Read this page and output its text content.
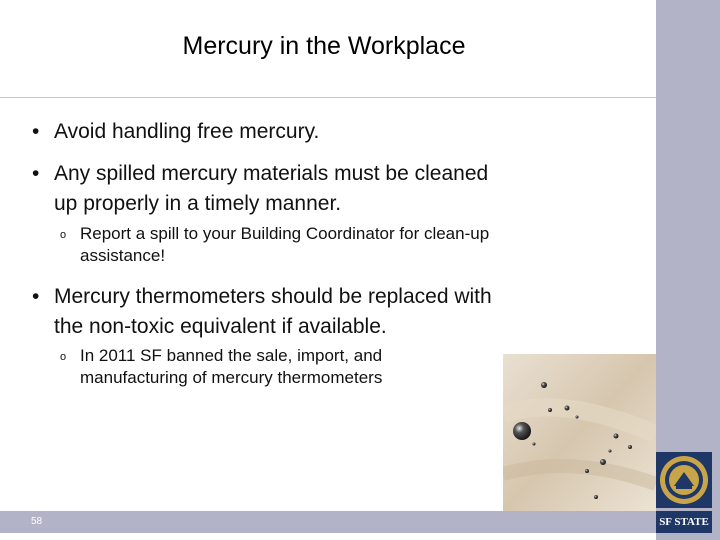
Mercury in the Workplace
• Avoid handling free mercury.
• Any spilled mercury materials must be cleaned up properly in a timely manner.
o Report a spill to your Building Coordinator for clean-up assistance!
• Mercury thermometers should be replaced with the non-toxic equivalent if available.
o In 2011 SF banned the sale, import, and manufacturing of mercury thermometers
SF STATE
58
